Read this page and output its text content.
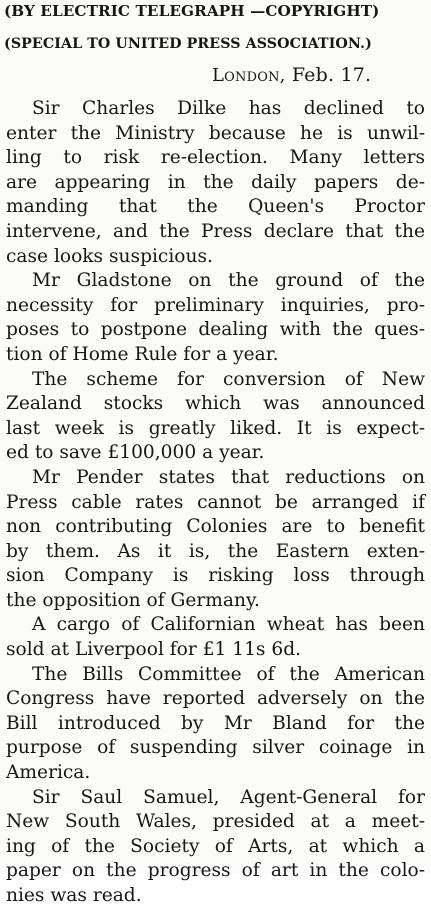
(BY ELECTRIC TELEGRAPH —COPYRIGHT)
(SPECIAL TO UNITED PRESS ASSOCIATION.)
London, Feb. 17.
Sir Charles Dilke has declined to
enter the Ministry because he is unwil-
ling to risk re-election. Many letters
are appearing in the daily papers de-
manding that the Queen's Proctor
intervene, and the Press declare that the
case looks suspicious.
Mr Gladstone on the ground of the
necessity for preliminary inquiries, pro-
poses to postpone dealing with the ques-
tion of Home Rule for a year.
The scheme for conversion of New
Zealand stocks which was announced
last week is greatly liked. It is expect-
ed to save £100,000 a year.
Mr Pender states that reductions on
Press cable rates cannot be arranged if
non contributing Colonies are to benefit
by them. As it is, the Eastern exten-
sion Company is risking loss through
the opposition of Germany.
A cargo of Californian wheat has been
sold at Liverpool for £1 11s 6d.
The Bills Committee of the American
Congress have reported adversely on the
Bill introduced by Mr Bland for the
purpose of suspending silver coinage in
America.
Sir Saul Samuel, Agent-General for
New South Wales, presided at a meet-
ing of the Society of Arts, at which a
paper on the progress of art in the colo-
nies was read.
